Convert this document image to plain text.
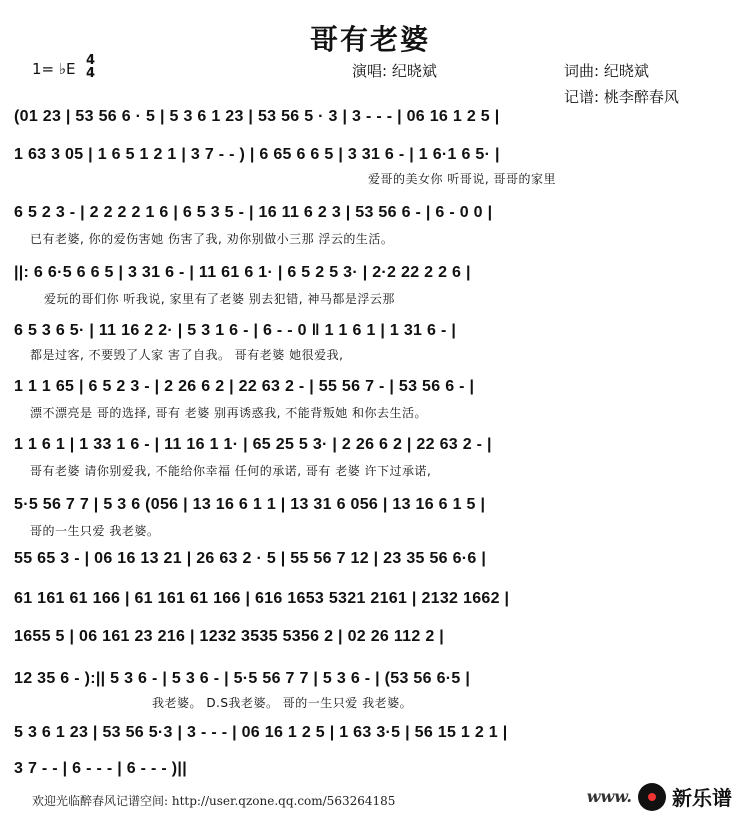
哥有老婆
1= ♭E 4
4	演唱: 纪晓斌	词曲: 纪晓斌
记谱: 桃李醉春风
(01 23 | 53 56 6 · 5 | 5 3 6 1 23 | 53 56 5 · 3 | 3 - - - | 06 16 1 2 5 |
1 63 3 05 | 1 6 5 1 2 1 | 3 7 - - ) | 6 65 6 6 5 | 3 31 6 - | 1 6·1 6 5· |
爱哥的美女你 听哥说, 哥哥的家里
6 5 2 3 - | 2 2 2 2 1 6 | 6 5 3 5 - | 16 11 6 2 3 | 53 56 6 - | 6 - 0 0 |
已有老婆, 你的爱伤害她 伤害了我, 劝你别做小三那 浮云的生活。
||: 6 6·5 6 6 5 | 3 31 6 - | 11 61 6 1· | 6 5 2 5 3· | 2·2 22 2 2 6 |
爱玩的哥们你 听我说, 家里有了老婆 别去犯错, 神马都是浮云那
6 5 3 6 5· | 11 16 2 2· | 5 3 1 6 - | 6 - - 0 ‖ 1 1 6 1 | 1 31 6 - |
都是过客, 不要毁了人家 害了自我。 哥有老婆 她很爱我,
1 1 1 65 | 6 5 2 3 - | 2 26 6 2 | 22 63 2 - | 55 56 7 - | 53 56 6 - |
漂不漂亮是 哥的选择, 哥有 老婆 别再诱惑我, 不能背叛她 和你去生活。
1 1 6 1 | 1 33 1 6 - | 11 16 1 1· | 65 25 5 3· | 2 26 6 2 | 22 63 2 - |
哥有老婆 请你别爱我, 不能给你幸福 任何的承诺, 哥有 老婆 许下过承诺,
5·5 56 7 7 | 5 3 6 (056 | 13 16 6 1 1 | 13 31 6 056 | 13 16 6 1 5 |
哥的一生只爱 我老婆。
55 65 3 - | 06 16 13 21 | 26 63 2 · 5 | 55 56 7 12 | 23 35 56 6·6 |
61 161 61 166 | 61 161 61 166 | 616 1653 5321 2161 | 2132 1662 |
1655 5 | 06 161 23 216 | 1232 3535 5356 2 | 02 26 112 2 |
12 35 6 - ):|| 5 3 6 - | 5 3 6 - | 5·5 56 7 7 | 5 3 6 - | (53 56 6·5 |
我老婆。 D.S我老婆。 哥的一生只爱 我老婆。
5 3 6 1 23 | 53 56 5·3 | 3 - - - | 06 16 1 2 5 | 1 63 3·5 | 56 15 1 2 1 |
3 7 - - | 6 - - - | 6 - - - )||
欢迎光临醉春风记谱空间: http://user.qzone.qq.com/563264185	www. 新乐谱
